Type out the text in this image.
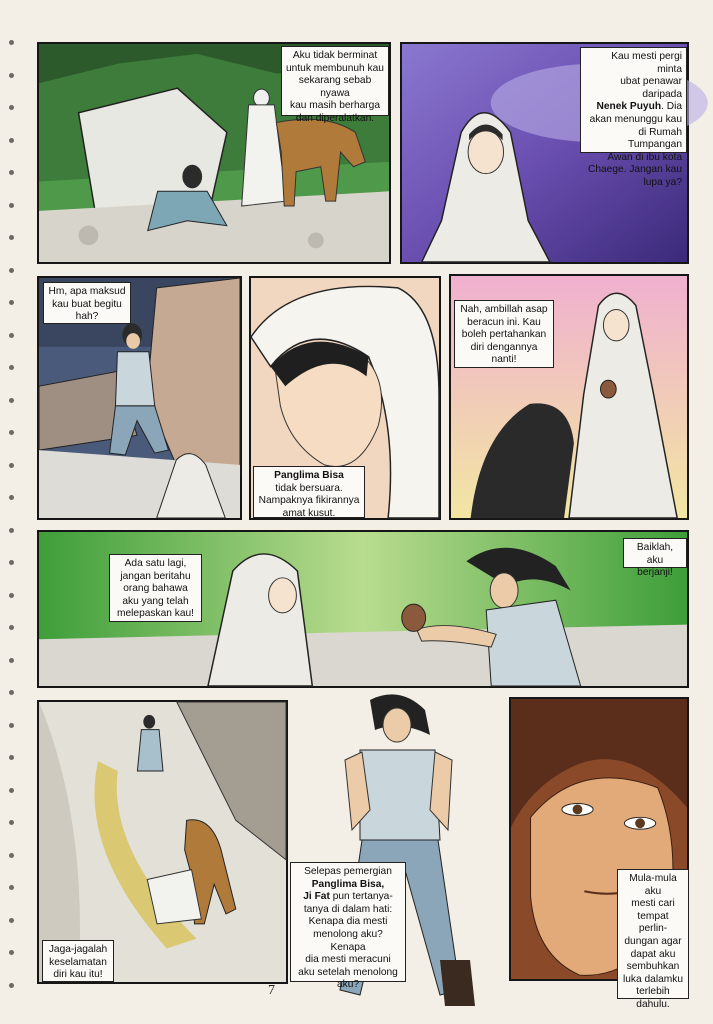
Aku tidak berminat

untuk membunuh kau

sekarang sebab nyawa

kau masih berharga

dan diperalatkan.

Kau mesti pergi minta

ubat penawar daripada

Nenek Puyuh. Dia

akan menunggu kau

di Rumah Tumpangan

Awan di ibu kota

Chaege. Jangan kau

lupa ya?

Hm, apa maksud

kau buat begitu

hah?

Panglima Bisa

tidak bersuara.

Nampaknya fikirannya

amat kusut.

Nah, ambillah asap

beracun ini. Kau

boleh pertahankan

diri dengannya

nanti!

Ada satu lagi,

jangan beritahu

orang bahawa

aku yang telah

melepaskan kau!

Baiklah,

aku berjanji!

Jaga-jagalah

keselamatan

diri kau itu!

Selepas pemergian

Panglima Bisa,

Ji Fat pun tertanya-

tanya di dalam hati:

Kenapa dia mesti

menolong aku? Kenapa

dia mesti meracuni

aku setelah menolong

aku?

7

Mula-mula aku

mesti cari

tempat perlin-

dungan agar

dapat aku

sembuhkan

luka dalamku

terlebih

dahulu.
